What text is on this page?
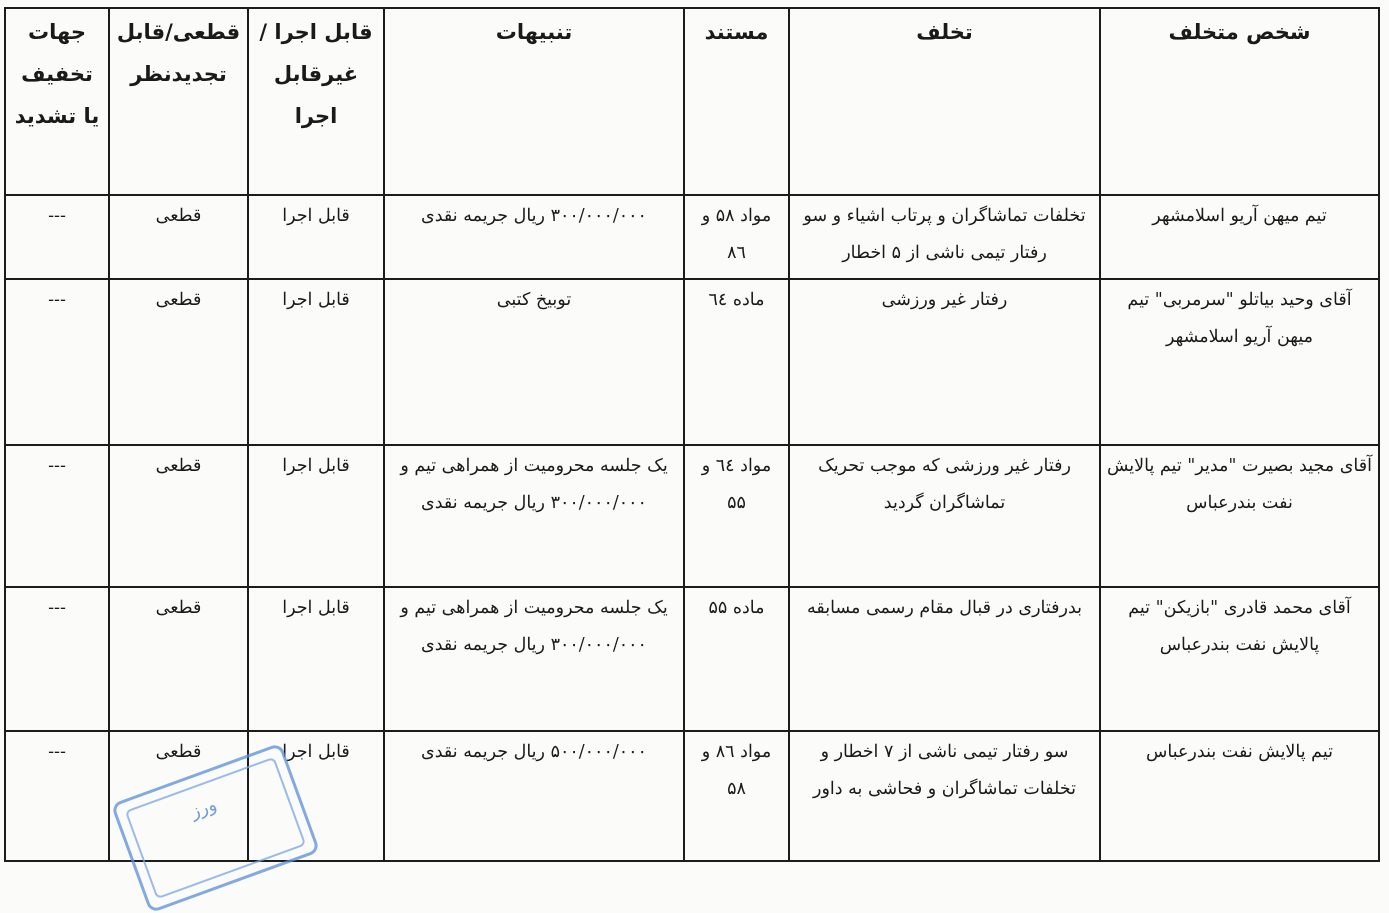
شخص متخلف	تخلف	مستند	تنبیهات	قابل اجرا /غیرقابل اجرا	قطعی/قابل تجدیدنظر	جهات تخفیف یا تشدید
تیم میهن آریو اسلامشهر	تخلفات تماشاگران و پرتاب اشیاء و سو رفتار تیمی ناشی از ۵ اخطار	مواد ۵۸ و ۸٦	۳۰۰/۰۰۰/۰۰۰ ریال جریمه نقدی	قابل اجرا	قطعی	---
آقای وحید بیاتلو "سرمربی" تیم میهن آریو اسلامشهر	رفتار غیر ورزشی	ماده ٦٤	توبیخ کتبی	قابل اجرا	قطعی	---
آقای مجید بصیرت "مدیر" تیم پالایش نفت بندرعباس	رفتار غیر ورزشی که موجب تحریک تماشاگران گردید	مواد ٦٤ و ۵۵	یک جلسه محرومیت از همراهی تیم و ۳۰۰/۰۰۰/۰۰۰ ریال جریمه نقدی	قابل اجرا	قطعی	---
آقای محمد قادری "بازیکن" تیم پالایش نفت بندرعباس	بدرفتاری در قبال مقام رسمی مسابقه	ماده ۵۵	یک جلسه محرومیت از همراهی تیم و ۳۰۰/۰۰۰/۰۰۰ ریال جریمه نقدی	قابل اجرا	قطعی	---
تیم پالایش نفت بندرعباس	سو رفتار تیمی ناشی از ۷ اخطار و تخلفات تماشاگران و فحاشی به داور	مواد ۸٦ و ۵۸	۵۰۰/۰۰۰/۰۰۰ ریال جریمه نقدی	قابل اجرا	قطعی	---
ورز
